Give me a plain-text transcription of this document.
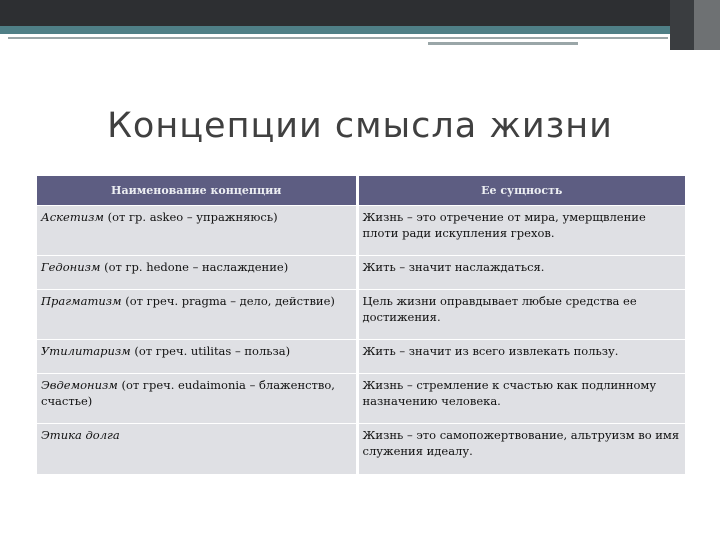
Концепции смысла жизни
Наименование концепции	Ее сущность
Аскетизм (от гр. askeo – упражняюсь)	Жизнь – это отречение от мира, умерщвление плоти ради искупления грехов.
Гедонизм (от гр. hedone – наслаждение)	Жить – значит наслаждаться.
Прагматизм (от греч. pragma – дело, действие)	Цель жизни оправдывает любые средства ее достижения.
Утилитаризм (от греч. utilitas – польза)	Жить – значит из всего извлекать пользу.
Эвдемонизм (от греч. eudaimonia – блаженство, счастье)	Жизнь – стремление к счастью как подлинному назначению человека.
Этика долга	Жизнь – это самопожертвование, альтруизм во имя служения идеалу.
